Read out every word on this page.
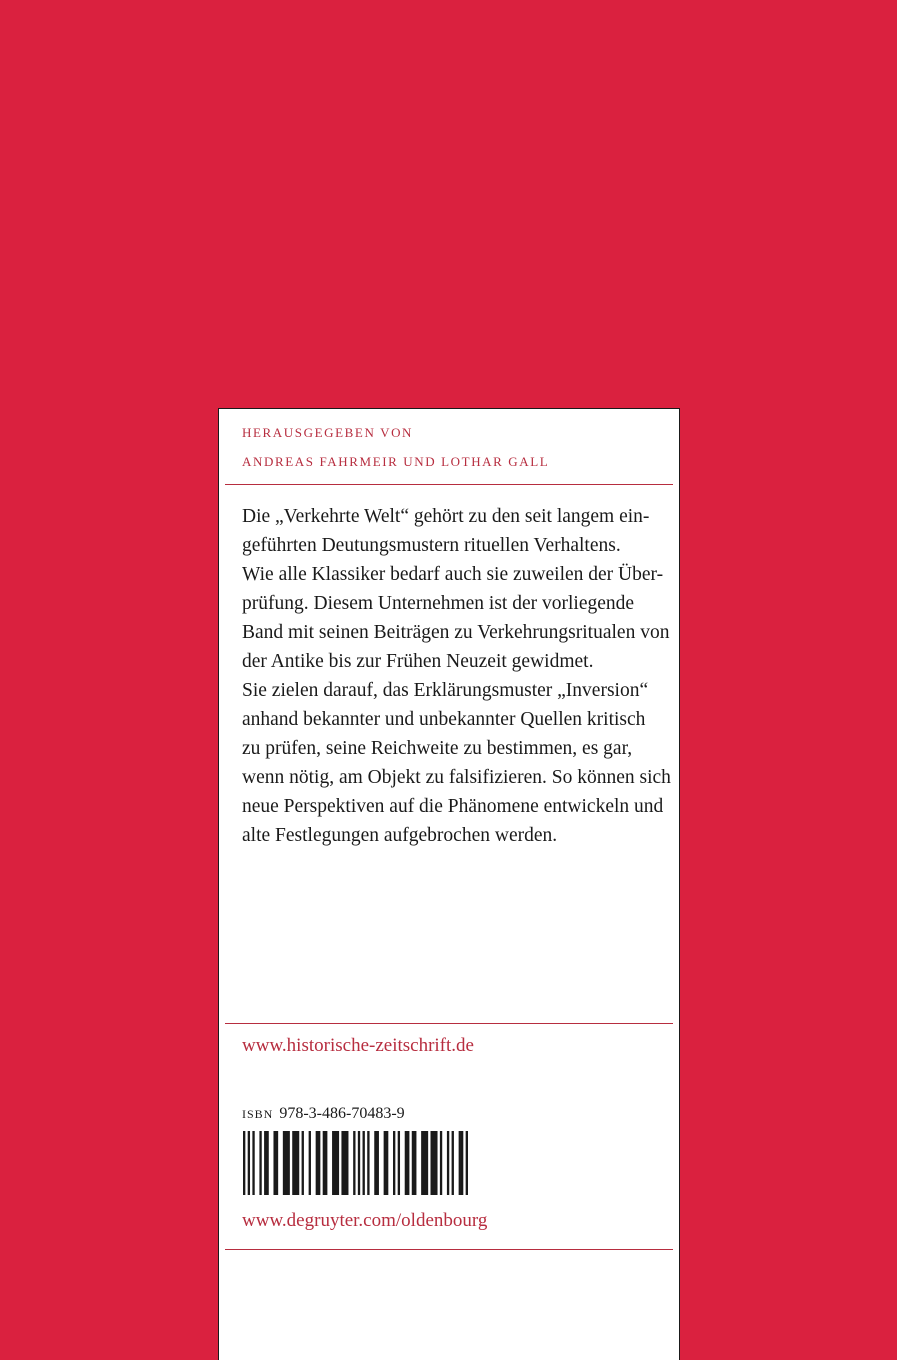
HERAUSGEGEBEN VON
ANDREAS FAHRMEIR UND LOTHAR GALL

Die „Verkehrte Welt“ gehört zu den seit langem ein-
geführten Deutungsmustern rituellen Verhaltens.
Wie alle Klassiker bedarf auch sie zuweilen der Über-
prüfung. Diesem Unternehmen ist der vorliegende
Band mit seinen Beiträgen zu Verkehrungsritualen von
der Antike bis zur Frühen Neuzeit gewidmet.
Sie zielen darauf, das Erklärungsmuster „Inversion“
anhand bekannter und unbekannter Quellen kritisch
zu prüfen, seine Reichweite zu bestimmen, es gar,
wenn nötig, am Objekt zu falsifizieren. So können sich
neue Perspektiven auf die Phänomene entwickeln und
alte Festlegungen aufgebrochen werden.

www.historische-zeitschrift.de
ISBN 978-3-486-70483-9
www.degruyter.com/oldenbourg
